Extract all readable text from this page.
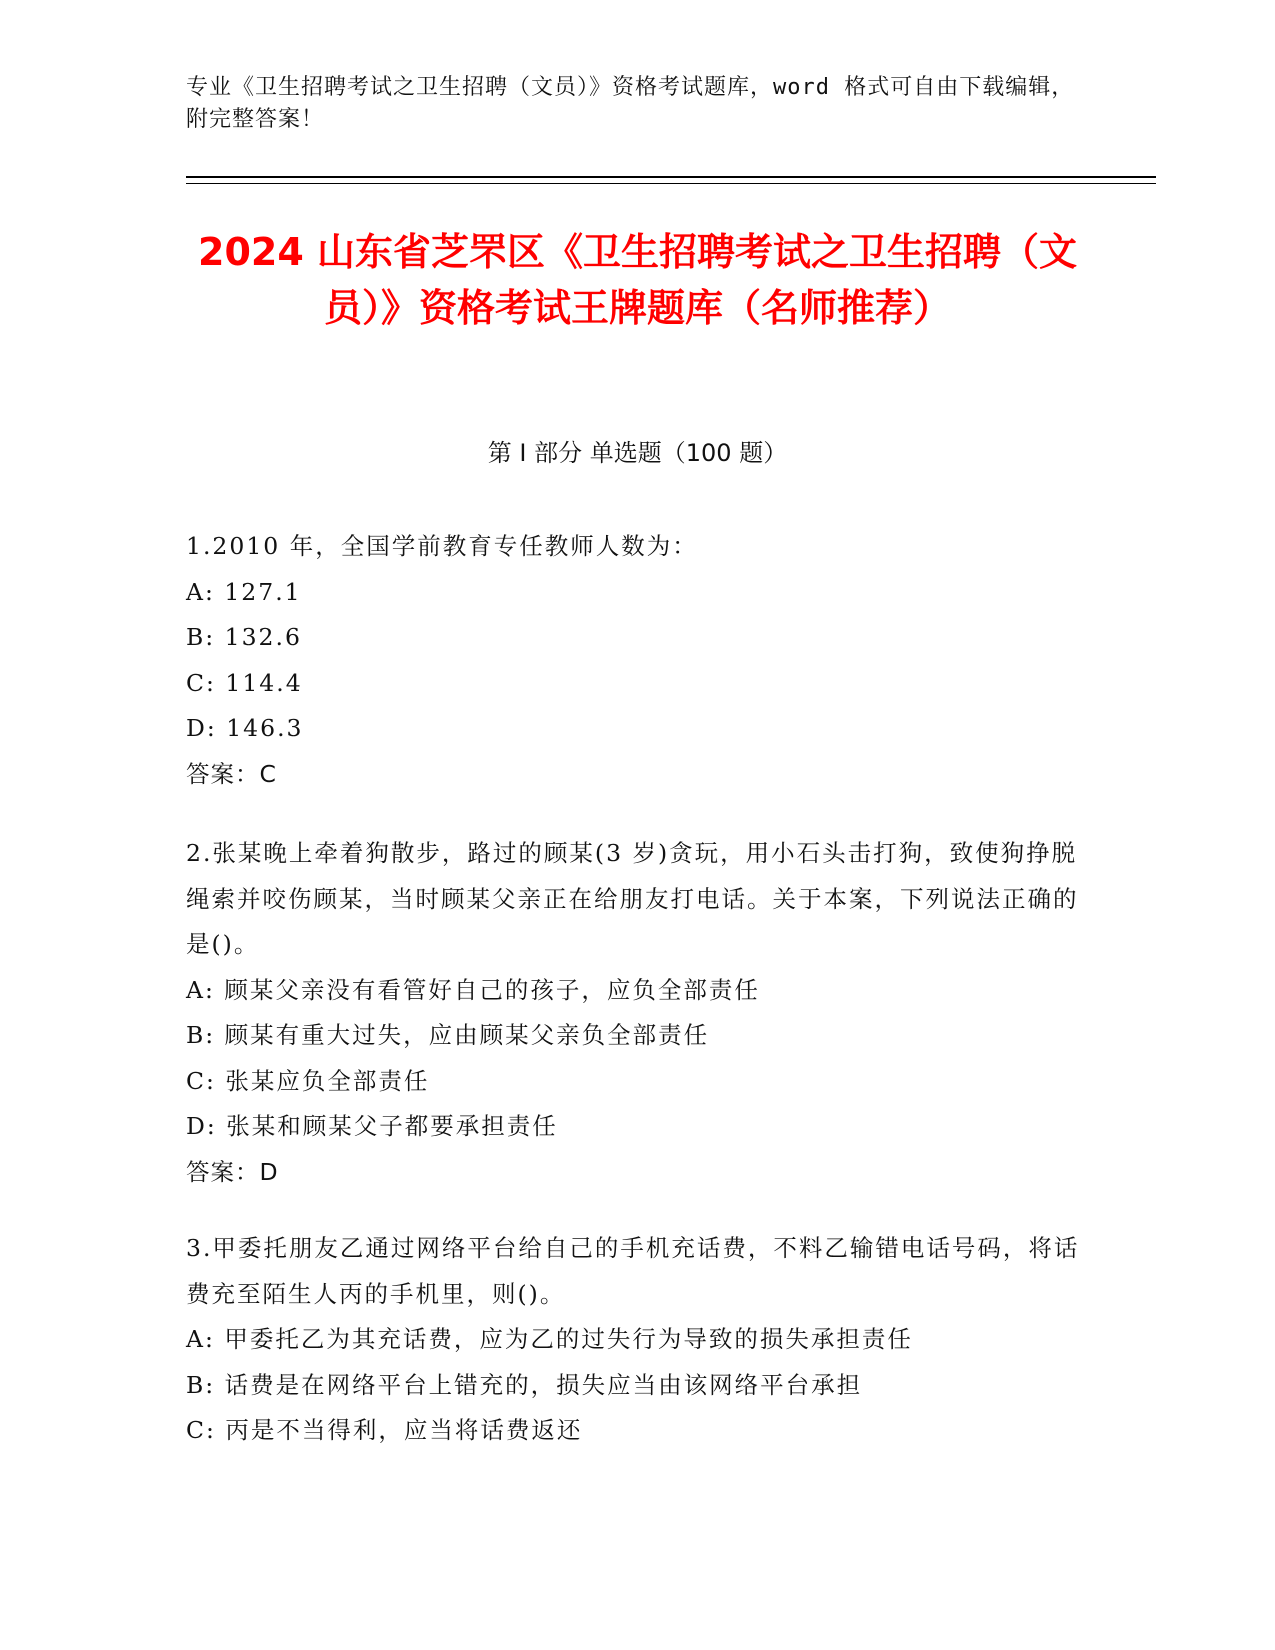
专业《卫生招聘考试之卫生招聘（文员）》资格考试题库，word 格式可自由下载编辑，附完整答案！
2024 山东省芝罘区《卫生招聘考试之卫生招聘（文员）》资格考试王牌题库（名师推荐）
第 I 部分 单选题（100 题）

1.2010 年，全国学前教育专任教师人数为：

A: 127.1

B: 132.6

C: 114.4

D: 146.3

答案：C

2.张某晚上牵着狗散步，路过的顾某(3 岁)贪玩，用小石头击打狗，致使狗挣脱绳索并咬伤顾某，当时顾某父亲正在给朋友打电话。关于本案，下列说法正确的是()。

A: 顾某父亲没有看管好自己的孩子，应负全部责任

B: 顾某有重大过失，应由顾某父亲负全部责任

C: 张某应负全部责任

D: 张某和顾某父子都要承担责任

答案：D

3.甲委托朋友乙通过网络平台给自己的手机充话费，不料乙输错电话号码，将话费充至陌生人丙的手机里，则()。

A: 甲委托乙为其充话费，应为乙的过失行为导致的损失承担责任

B: 话费是在网络平台上错充的，损失应当由该网络平台承担

C: 丙是不当得利，应当将话费返还
